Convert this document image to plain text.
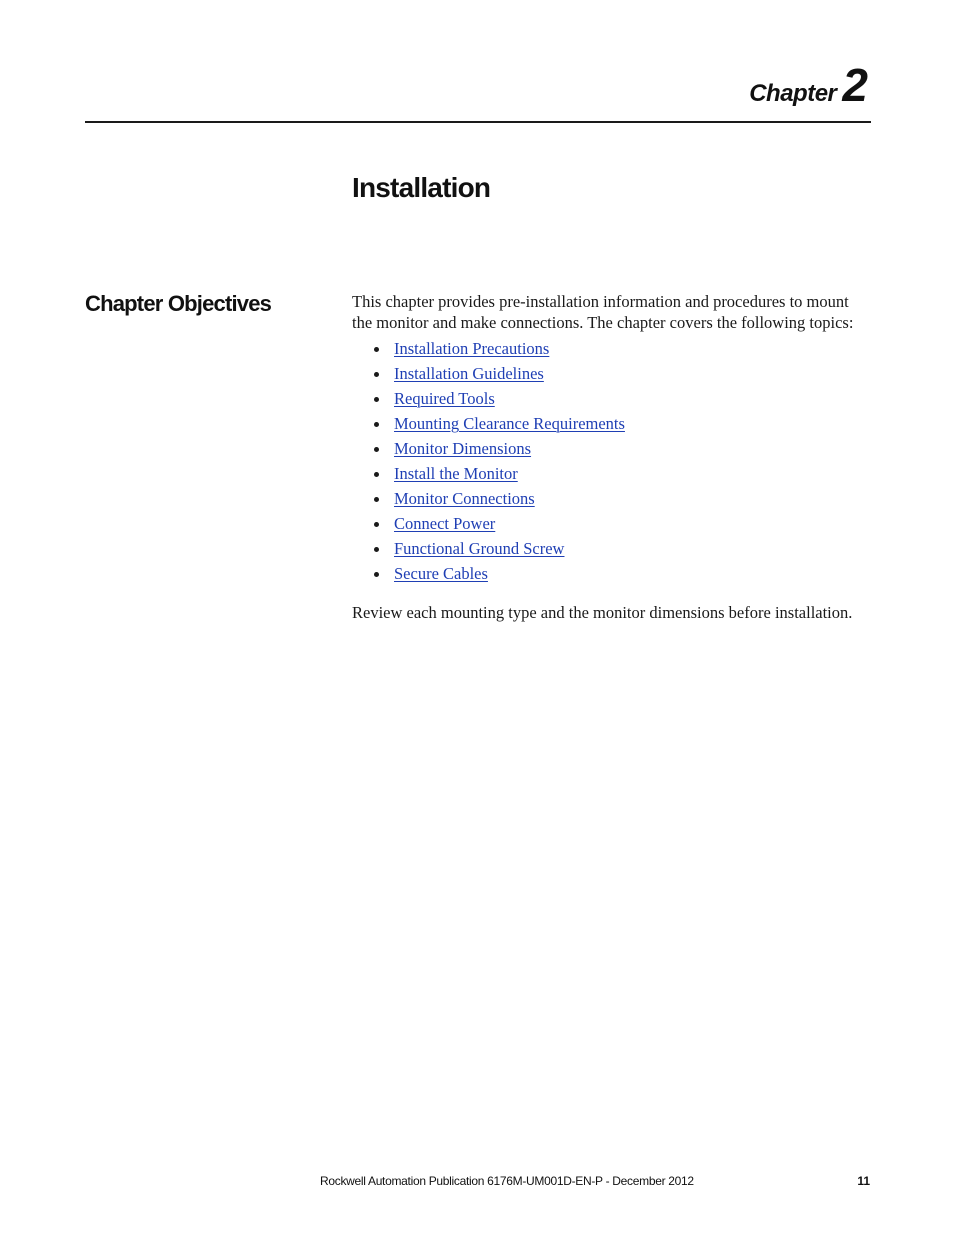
Chapter 2
Installation
Chapter Objectives	This chapter provides pre-installation information and procedures to mount the monitor and make connections. The chapter covers the following topics:

Installation Precautions
Installation Guidelines
Required Tools
Mounting Clearance Requirements
Monitor Dimensions
Install the Monitor
Monitor Connections
Connect Power
Functional Ground Screw
Secure Cables

Review each mounting type and the monitor dimensions before installation.

Rockwell Automation Publication 6176M-UM001D-EN-P - December 2012	11
